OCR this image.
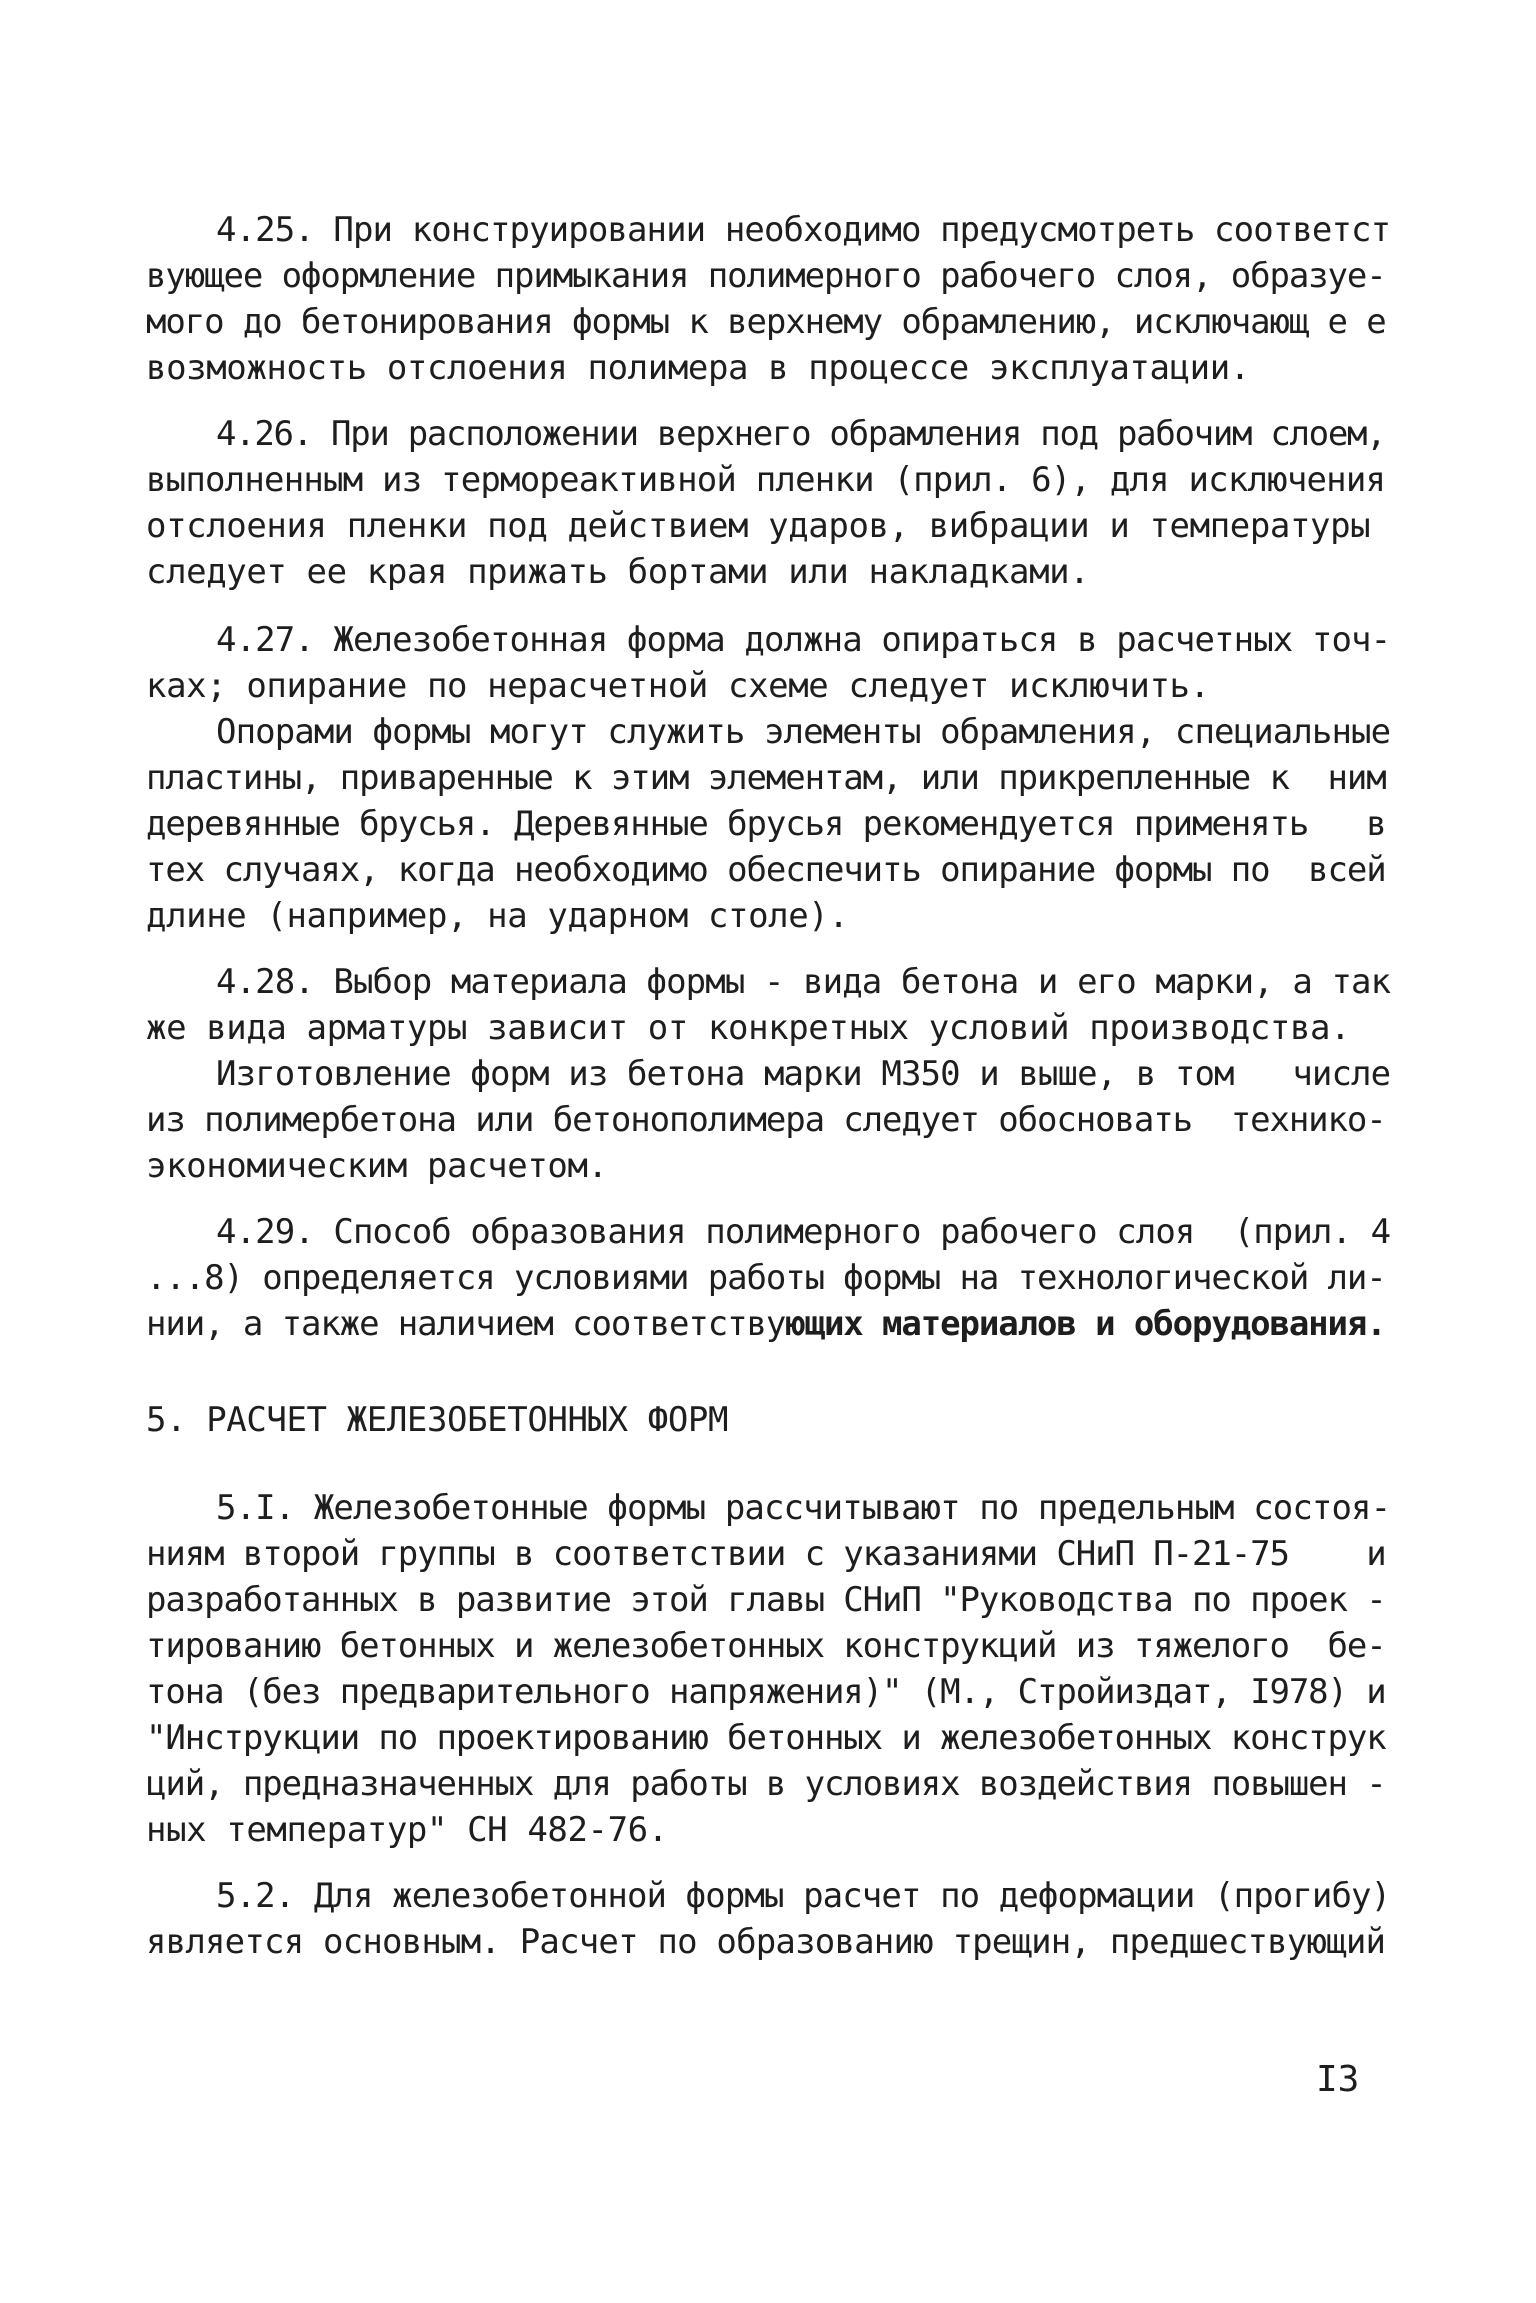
4.25. При конструировании необходимо предусмотреть соответст
вующее оформление примыкания полимерного рабочего слоя, образуе-
мого до бетонирования формы к верхнему обрамлению, исключающ е е
возможность отслоения полимера в процессе эксплуатации.
4.26. При расположении верхнего обрамления под рабочим слоем,
выполненным из термореактивной пленки (прил. 6), для исключения
отслоения пленки под действием ударов, вибрации и температуры
следует ее края прижать бортами или накладками.
4.27. Железобетонная форма должна опираться в расчетных точ-
ках; опирание по нерасчетной схеме следует исключить.
Опорами формы могут служить элементы обрамления, специальные
пластины, приваренные к этим элементам, или прикрепленные к  ним
деревянные брусья. Деревянные брусья рекомендуется применять   в
тех случаях, когда необходимо обеспечить опирание формы по  всей
длине (например, на ударном столе).
4.28. Выбор материала формы - вида бетона и его марки, а так
же вида арматуры зависит от конкретных условий производства.
Изготовление форм из бетона марки М350 и выше, в том   числе
из полимербетона или бетонополимера следует обосновать  технико-
экономическим расчетом.
4.29. Способ образования полимерного рабочего слоя  (прил. 4
...8) определяется условиями работы формы на технологической ли-
нии, а также наличием соответствующих материалов и оборудования.
5. РАСЧЕТ ЖЕЛЕЗОБЕТОННЫХ ФОРМ
5.I. Железобетонные формы рассчитывают по предельным состоя-
ниям второй группы в соответствии с указаниями СНиП П-21-75    и
разработанных в развитие этой главы СНиП "Руководства по проек -
тированию бетонных и железобетонных конструкций из тяжелого  бе-
тона (без предварительного напряжения)" (М., Стройиздат, I978) и
"Инструкции по проектированию бетонных и железобетонных конструк
ций, предназначенных для работы в условиях воздействия повышен -
ных температур" СН 482-76.
5.2. Для железобетонной формы расчет по деформации (прогибу)
является основным. Расчет по образованию трещин, предшествующий
I3
